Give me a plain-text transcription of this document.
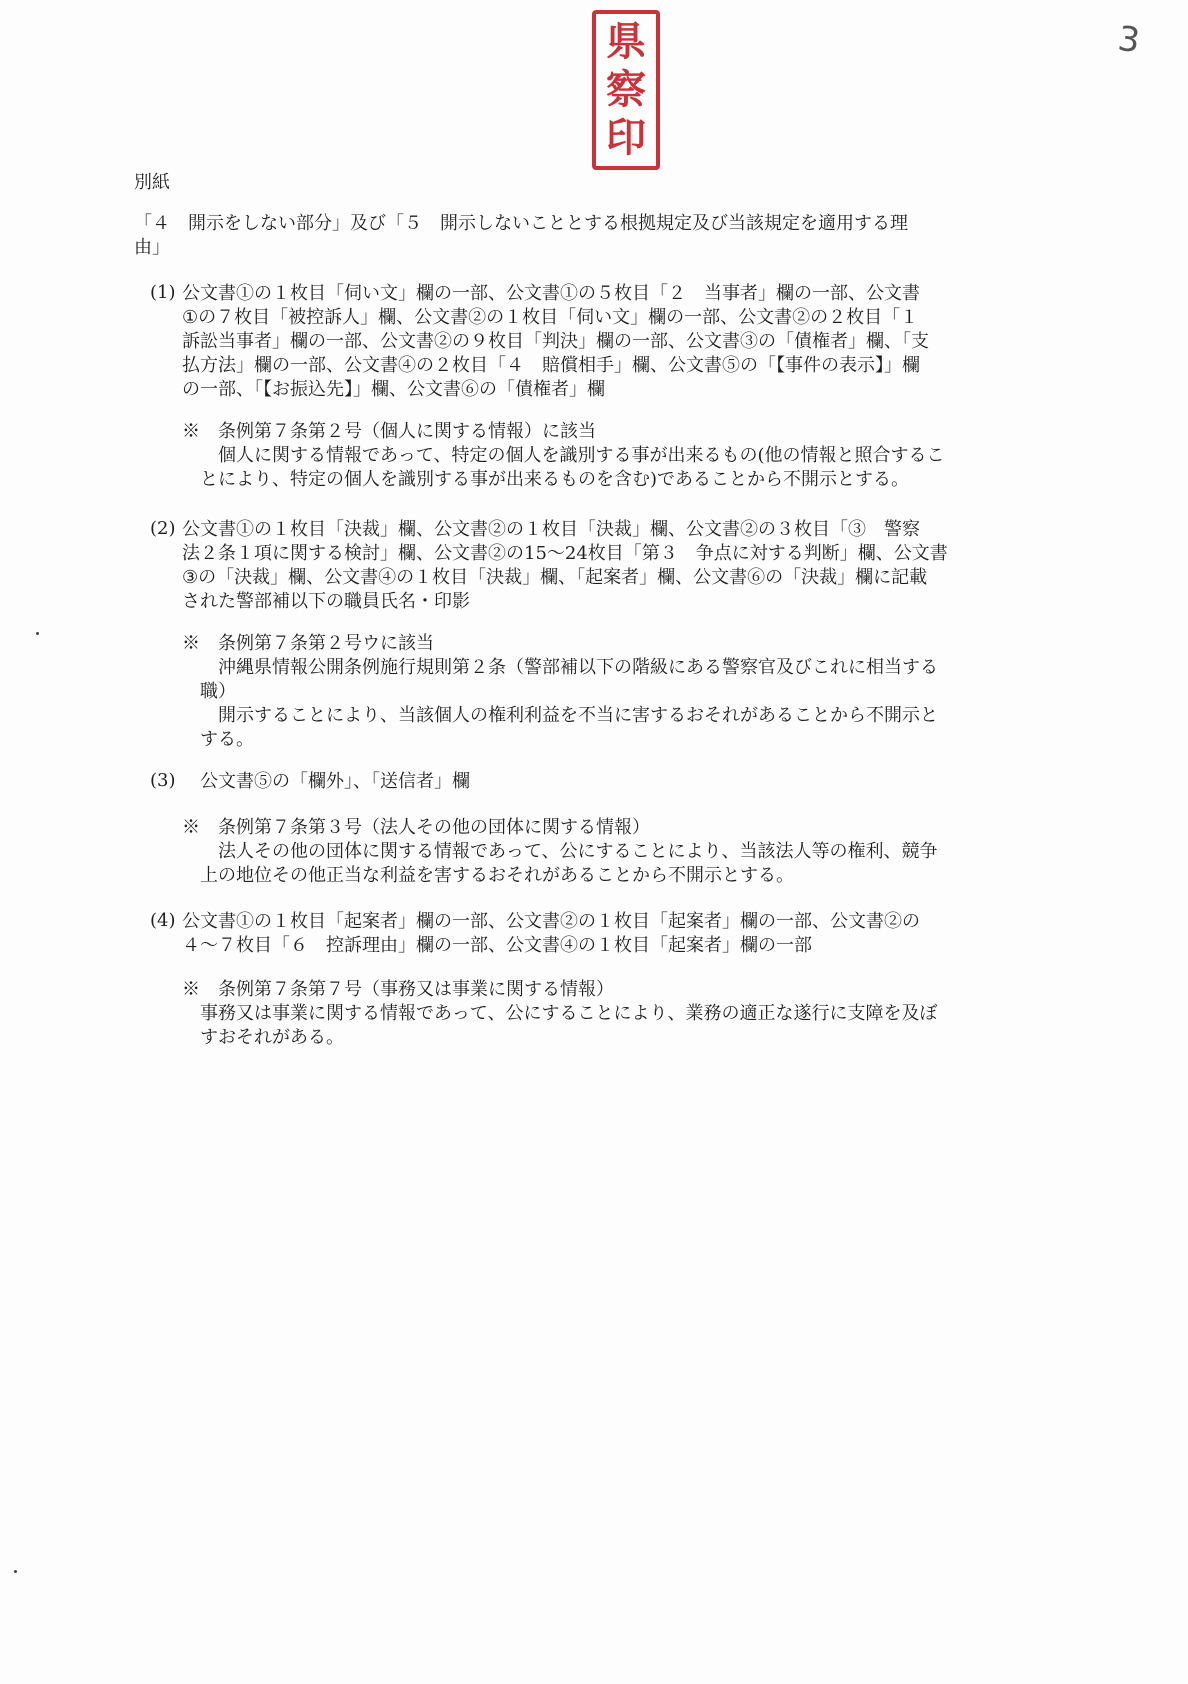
県
察
印
3
別紙
「４　開示をしない部分」及び「５　開示しないこととする根拠規定及び当該規定を適用する理
由」
(1) 公文書①の１枚目「伺い文」欄の一部、公文書①の５枚目「２　当事者」欄の一部、公文書
①の７枚目「被控訴人」欄、公文書②の１枚目「伺い文」欄の一部、公文書②の２枚目「１
訴訟当事者」欄の一部、公文書②の９枚目「判決」欄の一部、公文書③の「債権者」欄、「支
払方法」欄の一部、公文書④の２枚目「４　賠償相手」欄、公文書⑤の「【事件の表示】」欄
の一部、「【お振込先】」欄、公文書⑥の「債権者」欄
※　条例第７条第２号（個人に関する情報）に該当
　　個人に関する情報であって、特定の個人を識別する事が出来るもの(他の情報と照合するこ
　とにより、特定の個人を識別する事が出来るものを含む)であることから不開示とする。
(2) 公文書①の１枚目「決裁」欄、公文書②の１枚目「決裁」欄、公文書②の３枚目「③　警察
法２条１項に関する検討」欄、公文書②の15～24枚目「第３　争点に対する判断」欄、公文書
③の「決裁」欄、公文書④の１枚目「決裁」欄、「起案者」欄、公文書⑥の「決裁」欄に記載
された警部補以下の職員氏名・印影
※　条例第７条第２号ウに該当
　　沖縄県情報公開条例施行規則第２条（警部補以下の階級にある警察官及びこれに相当する
　職）
　　開示することにより、当該個人の権利利益を不当に害するおそれがあることから不開示と
　する。
(3) 公文書⑤の「欄外」、「送信者」欄
※　条例第７条第３号（法人その他の団体に関する情報）
　　法人その他の団体に関する情報であって、公にすることにより、当該法人等の権利、競争
　上の地位その他正当な利益を害するおそれがあることから不開示とする。
(4) 公文書①の１枚目「起案者」欄の一部、公文書②の１枚目「起案者」欄の一部、公文書②の
４～７枚目「６　控訴理由」欄の一部、公文書④の１枚目「起案者」欄の一部
※　条例第７条第７号（事務又は事業に関する情報）
　事務又は事業に関する情報であって、公にすることにより、業務の適正な遂行に支障を及ぼ
　すおそれがある。
